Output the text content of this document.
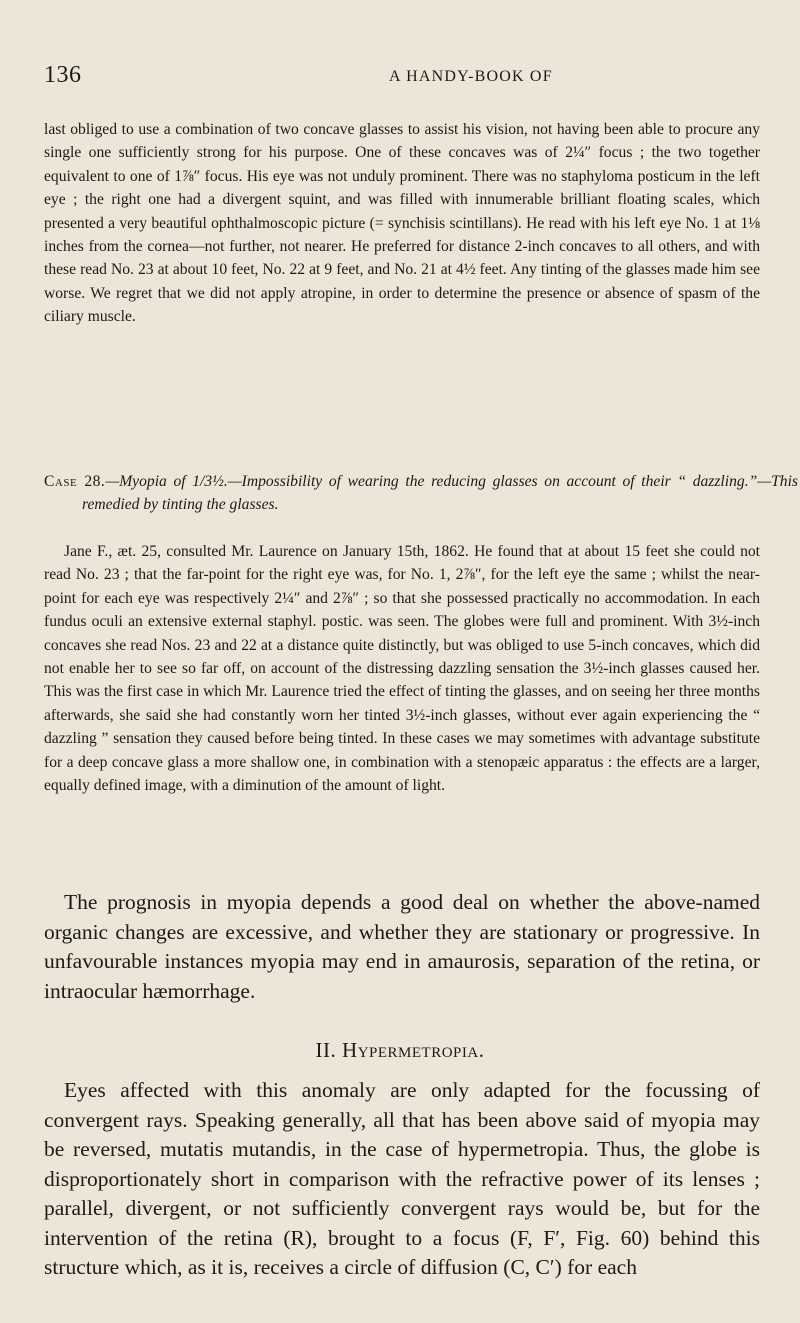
136	A HANDY-BOOK OF

last obliged to use a combination of two concave glasses to assist his vision, not having been able to procure any single one sufficiently strong for his purpose. One of these concaves was of 2¼″ focus ; the two together equivalent to one of 1⅞″ focus. His eye was not unduly prominent. There was no staphyloma posticum in the left eye ; the right one had a divergent squint, and was filled with innumerable brilliant floating scales, which presented a very beautiful ophthalmoscopic picture (= synchisis scintillans). He read with his left eye No. 1 at 1⅛ inches from the cornea—not further, not nearer. He preferred for distance 2-inch concaves to all others, and with these read No. 23 at about 10 feet, No. 22 at 9 feet, and No. 21 at 4½ feet. Any tinting of the glasses made him see worse. We regret that we did not apply atropine, in order to determine the presence or absence of spasm of the ciliary muscle.

Case 28.—Myopia of 1/3½.—Impossibility of wearing the reducing glasses on account of their “ dazzling.”—This remedied by tinting the glasses.

Jane F., æt. 25, consulted Mr. Laurence on January 15th, 1862. He found that at about 15 feet she could not read No. 23 ; that the far-point for the right eye was, for No. 1, 2⅞″, for the left eye the same ; whilst the near-point for each eye was respectively 2¼″ and 2⅞″ ; so that she possessed practically no accommodation. In each fundus oculi an extensive external staphyl. postic. was seen. The globes were full and prominent. With 3½-inch concaves she read Nos. 23 and 22 at a distance quite distinctly, but was obliged to use 5-inch concaves, which did not enable her to see so far off, on account of the distressing dazzling sensation the 3½-inch glasses caused her. This was the first case in which Mr. Laurence tried the effect of tinting the glasses, and on seeing her three months afterwards, she said she had constantly worn her tinted 3½-inch glasses, without ever again experiencing the “ dazzling ” sensation they caused before being tinted. In these cases we may sometimes with advantage substitute for a deep concave glass a more shallow one, in combination with a stenopæic apparatus : the effects are a larger, equally defined image, with a diminution of the amount of light.

The prognosis in myopia depends a good deal on whether the above-named organic changes are excessive, and whether they are stationary or progressive. In unfavourable instances myopia may end in amaurosis, separation of the retina, or intraocular hæmorrhage.

II. Hypermetropia.

Eyes affected with this anomaly are only adapted for the focussing of convergent rays. Speaking generally, all that has been above said of myopia may be reversed, mutatis mutandis, in the case of hypermetropia. Thus, the globe is disproportionately short in comparison with the refractive power of its lenses ; parallel, divergent, or not sufficiently convergent rays would be, but for the intervention of the retina (R), brought to a focus (F, F′, Fig. 60) behind this structure which, as it is, receives a circle of diffusion (C, C′) for each
